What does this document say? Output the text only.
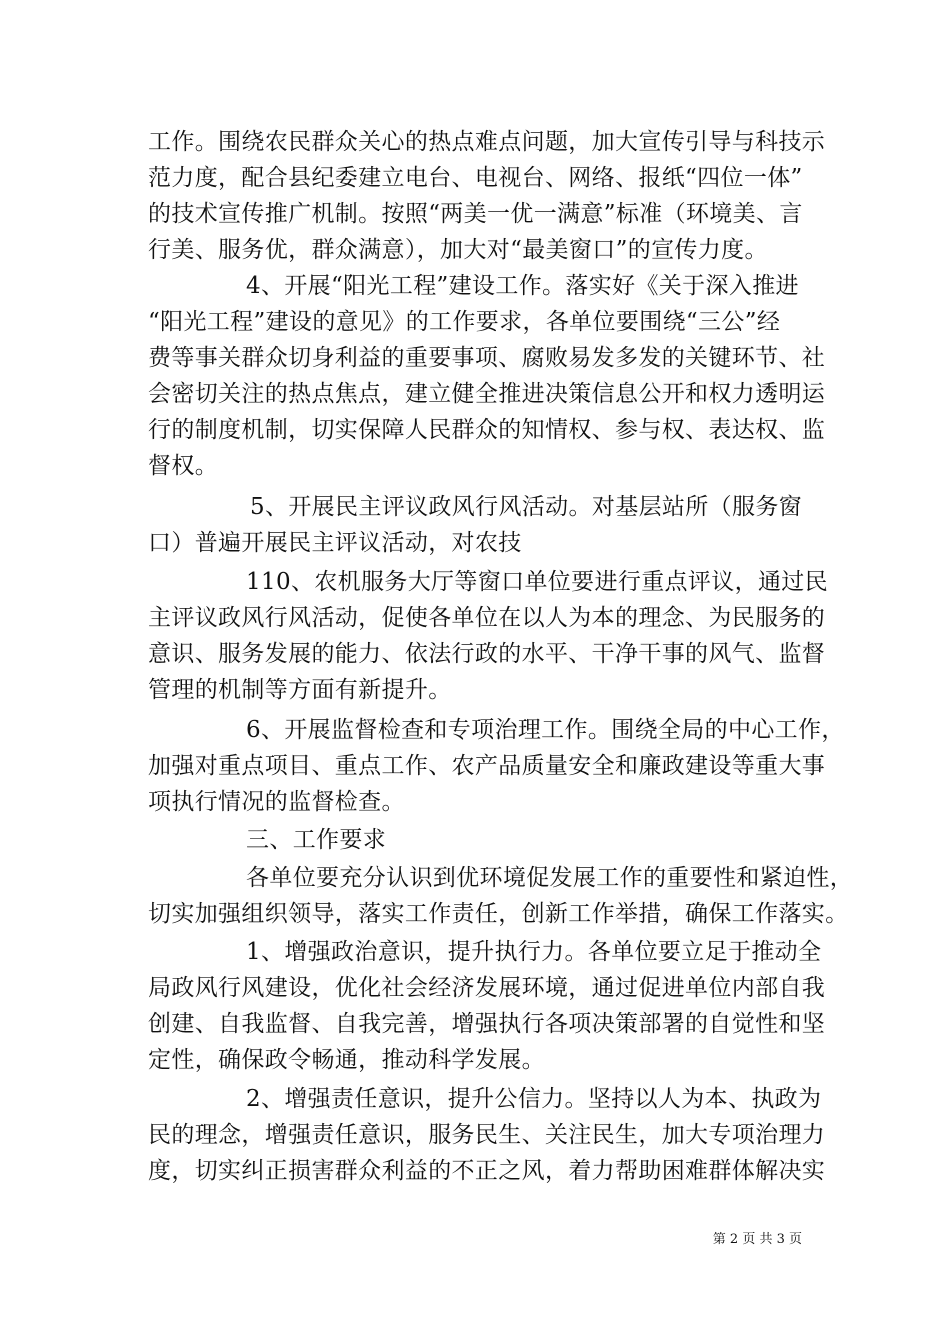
工作。围绕农民群众关心的热点难点问题，加大宣传引导与科技示
范力度，配合县纪委建立电台、电视台、网络、报纸“四位一体”
的技术宣传推广机制。按照“两美一优一满意”标准（环境美、言
行美、服务优，群众满意），加大对“最美窗口”的宣传力度。
4、开展“阳光工程”建设工作。落实好《关于深入推进
“阳光工程”建设的意见》的工作要求，各单位要围绕“三公”经
费等事关群众切身利益的重要事项、腐败易发多发的关键环节、社
会密切关注的热点焦点，建立健全推进决策信息公开和权力透明运
行的制度机制，切实保障人民群众的知情权、参与权、表达权、监
督权。
5、开展民主评议政风行风活动。对基层站所（服务窗
口）普遍开展民主评议活动，对农技
110、农机服务大厅等窗口单位要进行重点评议，通过民
主评议政风行风活动，促使各单位在以人为本的理念、为民服务的
意识、服务发展的能力、依法行政的水平、干净干事的风气、监督
管理的机制等方面有新提升。
6、开展监督检查和专项治理工作。围绕全局的中心工作，
加强对重点项目、重点工作、农产品质量安全和廉政建设等重大事
项执行情况的监督检查。
三、工作要求
各单位要充分认识到优环境促发展工作的重要性和紧迫性，
切实加强组织领导，落实工作责任，创新工作举措，确保工作落实。
1、增强政治意识，提升执行力。各单位要立足于推动全
局政风行风建设，优化社会经济发展环境，通过促进单位内部自我
创建、自我监督、自我完善，增强执行各项决策部署的自觉性和坚
定性，确保政令畅通，推动科学发展。
2、增强责任意识，提升公信力。坚持以人为本、执政为
民的理念，增强责任意识，服务民生、关注民生，加大专项治理力
度，切实纠正损害群众利益的不正之风，着力帮助困难群体解决实
第 2 页 共 3 页
